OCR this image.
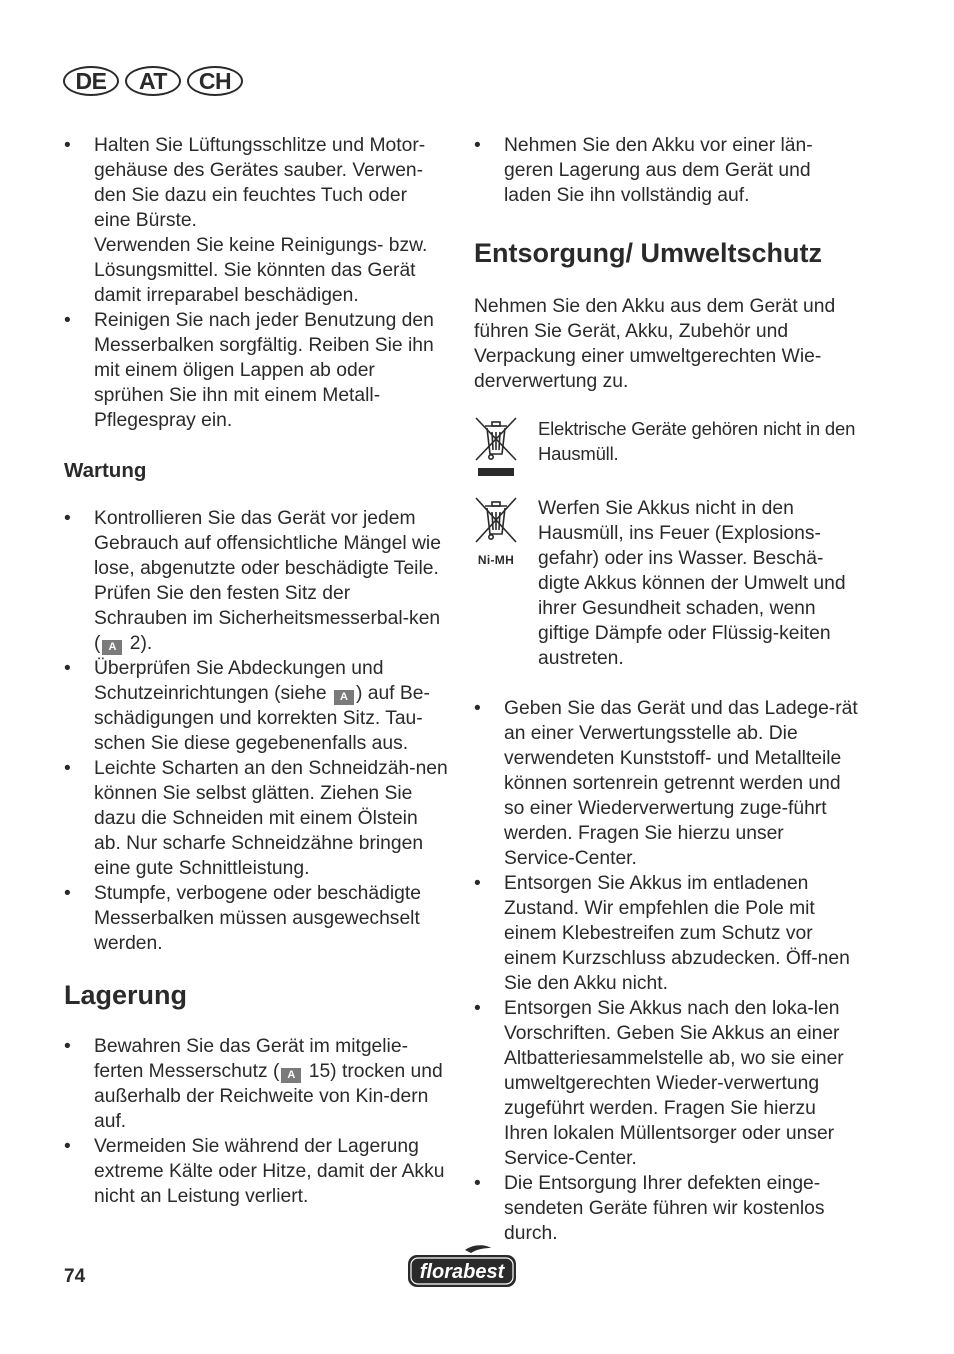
DE	AT	CH
• Halten Sie Lüftungsschlitze und Motor-gehäuse des Gerätes sauber. Verwen-den Sie dazu ein feuchtes Tuch oder eine Bürste.
Verwenden Sie keine Reinigungs- bzw. Lösungsmittel. Sie könnten das Gerät damit irreparabel beschädigen.
• Reinigen Sie nach jeder Benutzung den Messerbalken sorgfältig. Reiben Sie ihn mit einem öligen Lappen ab oder sprühen Sie ihn mit einem Metall-Pflegespray ein.
Wartung
• Kontrollieren Sie das Gerät vor jedem Gebrauch auf offensichtliche Mängel wie lose, abgenutzte oder beschädigte Teile. Prüfen Sie den festen Sitz der Schrauben im Sicherheitsmesserbal-ken ( A 2).
• Überprüfen Sie Abdeckungen und Schutzeinrichtungen (siehe A ) auf Be-schädigungen und korrekten Sitz. Tau-schen Sie diese gegebenenfalls aus.
• Leichte Scharten an den Schneidzäh-nen können Sie selbst glätten. Ziehen Sie dazu die Schneiden mit einem Ölstein ab. Nur scharfe Schneidzähne bringen eine gute Schnittleistung.
• Stumpfe, verbogene oder beschädigte Messerbalken müssen ausgewechselt werden.
Lagerung
• Bewahren Sie das Gerät im mitgelie-ferten Messerschutz ( A 15) trocken und außerhalb der Reichweite von Kin-dern auf.
• Vermeiden Sie während der Lagerung extreme Kälte oder Hitze, damit der Akku nicht an Leistung verliert.
• Nehmen Sie den Akku vor einer län-geren Lagerung aus dem Gerät und laden Sie ihn vollständig auf.
Entsorgung/ Umweltschutz

Nehmen Sie den Akku aus dem Gerät und führen Sie Gerät, Akku, Zubehör und Verpackung einer umweltgerechten Wie-derverwertung zu.

Elektrische Geräte gehören nicht in den Hausmüll.
Ni-MH
Werfen Sie Akkus nicht in den Hausmüll, ins Feuer (Explosions-gefahr) oder ins Wasser. Beschä-digte Akkus können der Umwelt und ihrer Gesundheit schaden, wenn giftige Dämpfe oder Flüssig-keiten austreten.
• Geben Sie das Gerät und das Ladege-rät an einer Verwertungsstelle ab. Die verwendeten Kunststoff- und Metallteile können sortenrein getrennt werden und so einer Wiederverwertung zuge-führt werden. Fragen Sie hierzu unser Service-Center.
• Entsorgen Sie Akkus im entladenen Zustand. Wir empfehlen die Pole mit einem Klebestreifen zum Schutz vor einem Kurzschluss abzudecken. Öff-nen Sie den Akku nicht.
• Entsorgen Sie Akkus nach den loka-len Vorschriften. Geben Sie Akkus an einer Altbatteriesammelstelle ab, wo sie einer umweltgerechten Wieder-verwertung zugeführt werden. Fragen Sie hierzu Ihren lokalen Müllentsorger oder unser Service-Center.
• Die Entsorgung Ihrer defekten einge-sendeten Geräte führen wir kostenlos durch.
74	florabest
